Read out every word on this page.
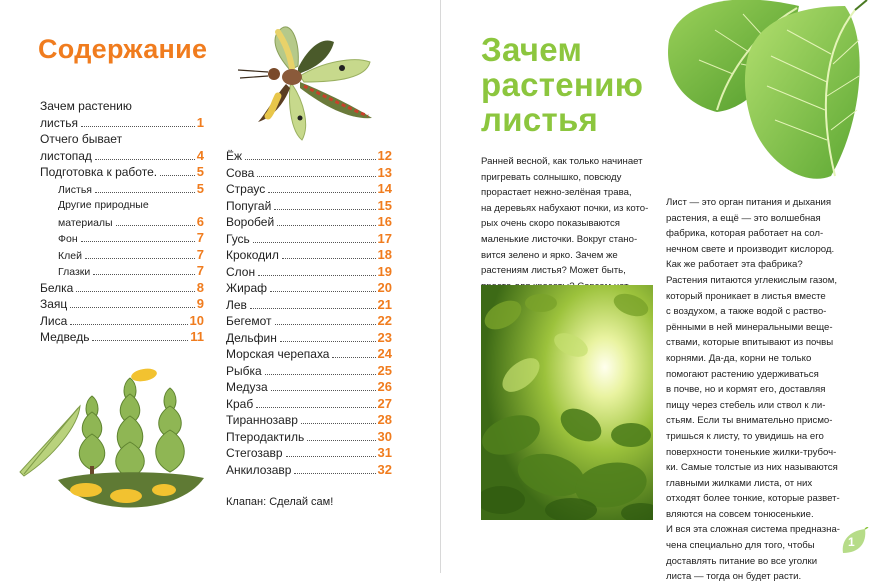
Содержание
Зачем растению
листья	1
Отчего бывает
листопад	4
Подготовка к работе.	5
Листья	5
Другие природные
материалы	6
Фон	7
Клей	7
Глазки	7
Белка	8
Заяц	9
Лиса	10
Медведь	11
Ёж	12
Сова	13
Страус	14
Попугай	15
Воробей	16
Гусь	17
Крокодил	18
Слон	19
Жираф	20
Лев	21
Бегемот	22
Дельфин	23
Морская черепаха	24
Рыбка	25
Медуза	26
Краб	27
Тираннозавр	28
Птеродактиль	30
Стегозавр	31
Анкилозавр	32
Клапан: Сделай сам!
Зачем
растению
листья
Ранней весной, как только начинает
пригревать солнышко, повсюду
прорастает нежно-зелёная трава,
на деревьях набухают почки, из кото-
рых очень скоро показываются
маленькие листочки. Вокруг стано-
вится зелено и ярко. Зачем же
растениям листья? Может быть,
Лист — это орган питания и дыхания
растения, а ещё — это волшебная
фабрика, которая работает на сол-
нечном свете и производит кислород.
Как же работает эта фабрика?
Растения питаются углекислым газом,
который проникает в листья вместе
с воздухом, а также водой с раство-
рёнными в ней минеральными веще-
ствами, которые впитывают из почвы
корнями. Да-да, корни не только
помогают растению удерживаться
в почве, но и кормят его, доставляя
пищу через стебель или ствол к ли-
стьям. Если ты внимательно присмо-
тришься к листу, то увидишь на его
поверхности тоненькие жилки-трубоч-
ки. Самые толстые из них называются
главными жилками листа, от них
отходят более тонкие, которые развет-
вляются на совсем тонюсенькие.
И вся эта сложная система предназна-
чена специально для того, чтобы
доставлять питание во все уголки
листа — тогда он будет расти.
1
